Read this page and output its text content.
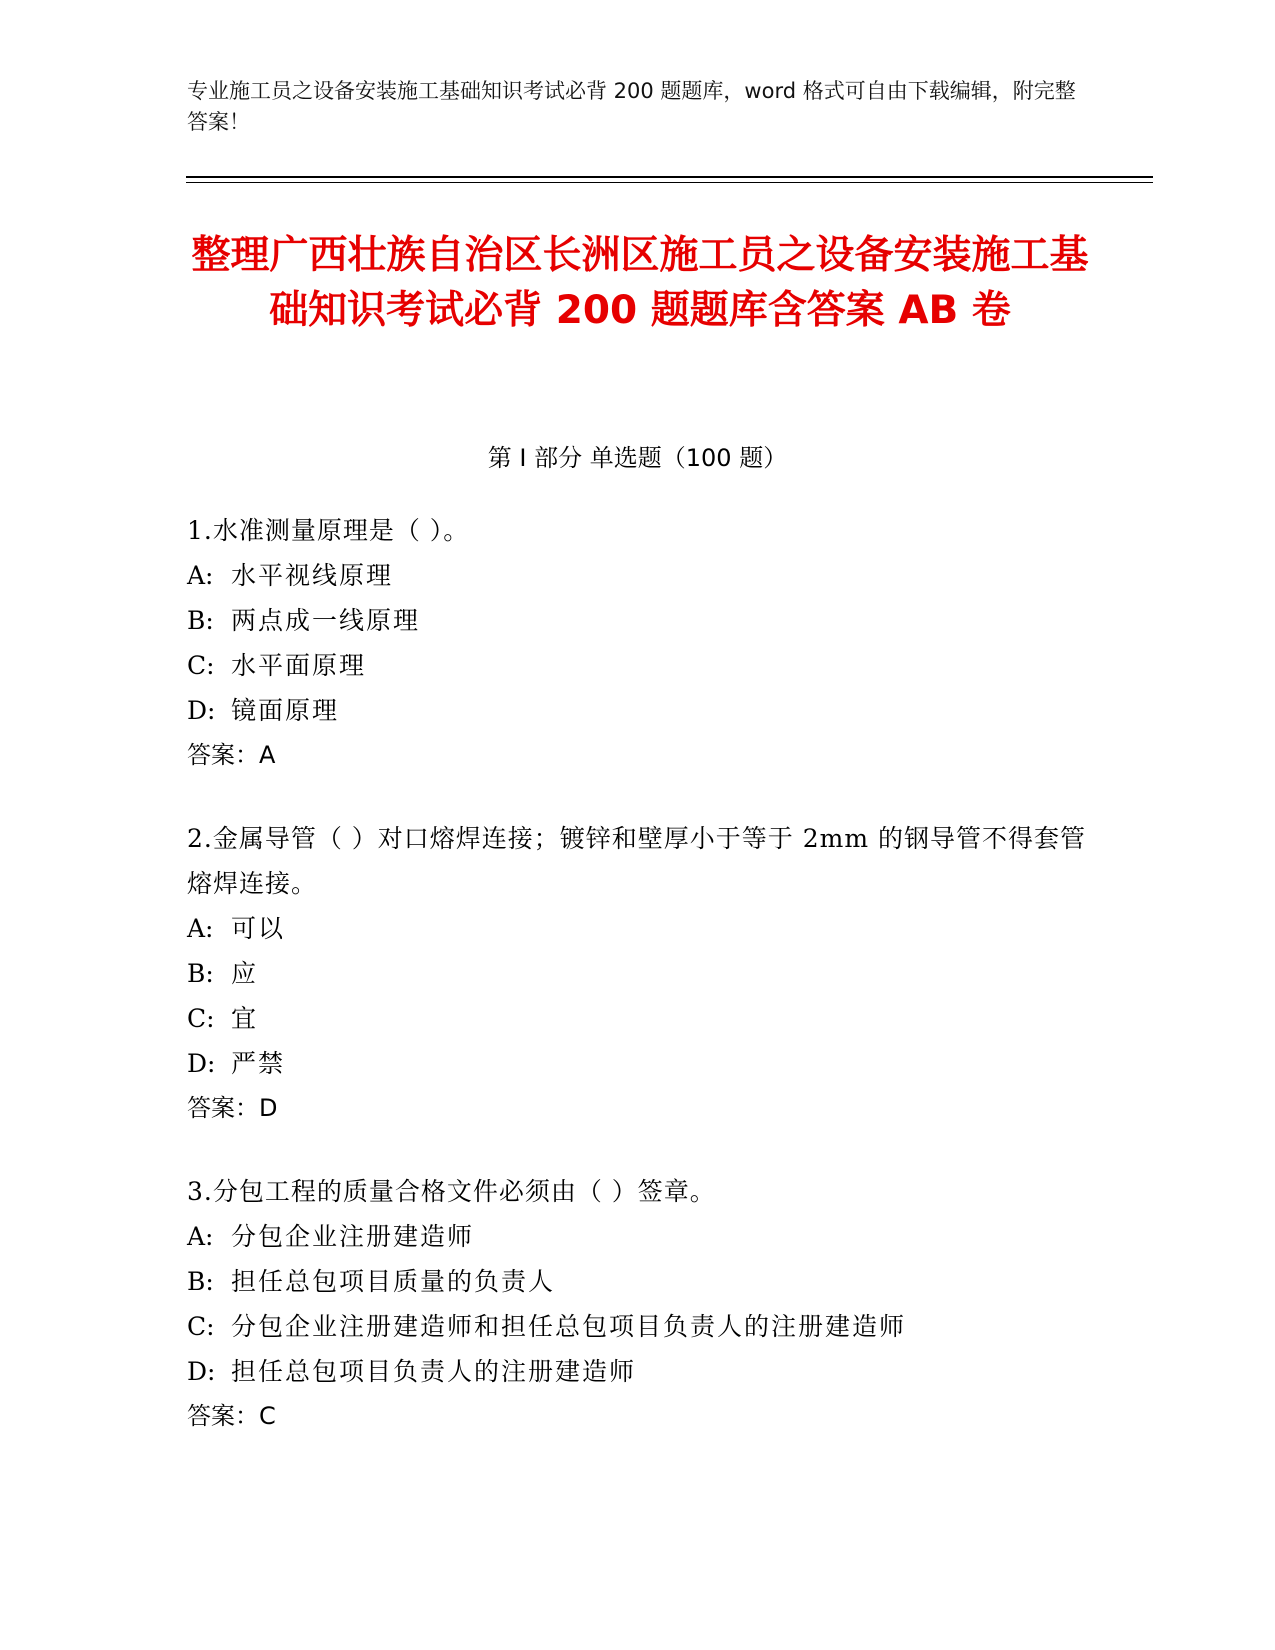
专业施工员之设备安装施工基础知识考试必背 200 题题库，word 格式可自由下载编辑，附完整答案！
整理广西壮族自治区长洲区施工员之设备安装施工基础知识考试必背 200 题题库含答案 AB 卷
第 I 部分 单选题（100 题）
1.水准测量原理是（ ）。
A: 水平视线原理
B: 两点成一线原理
C: 水平面原理
D: 镜面原理
答案：A
2.金属导管（ ）对口熔焊连接；镀锌和壁厚小于等于 2mm 的钢导管不得套管熔焊连接。
A: 可以
B: 应
C: 宜
D: 严禁
答案：D
3.分包工程的质量合格文件必须由（ ）签章。
A: 分包企业注册建造师
B: 担任总包项目质量的负责人
C: 分包企业注册建造师和担任总包项目负责人的注册建造师
D: 担任总包项目负责人的注册建造师
答案：C
